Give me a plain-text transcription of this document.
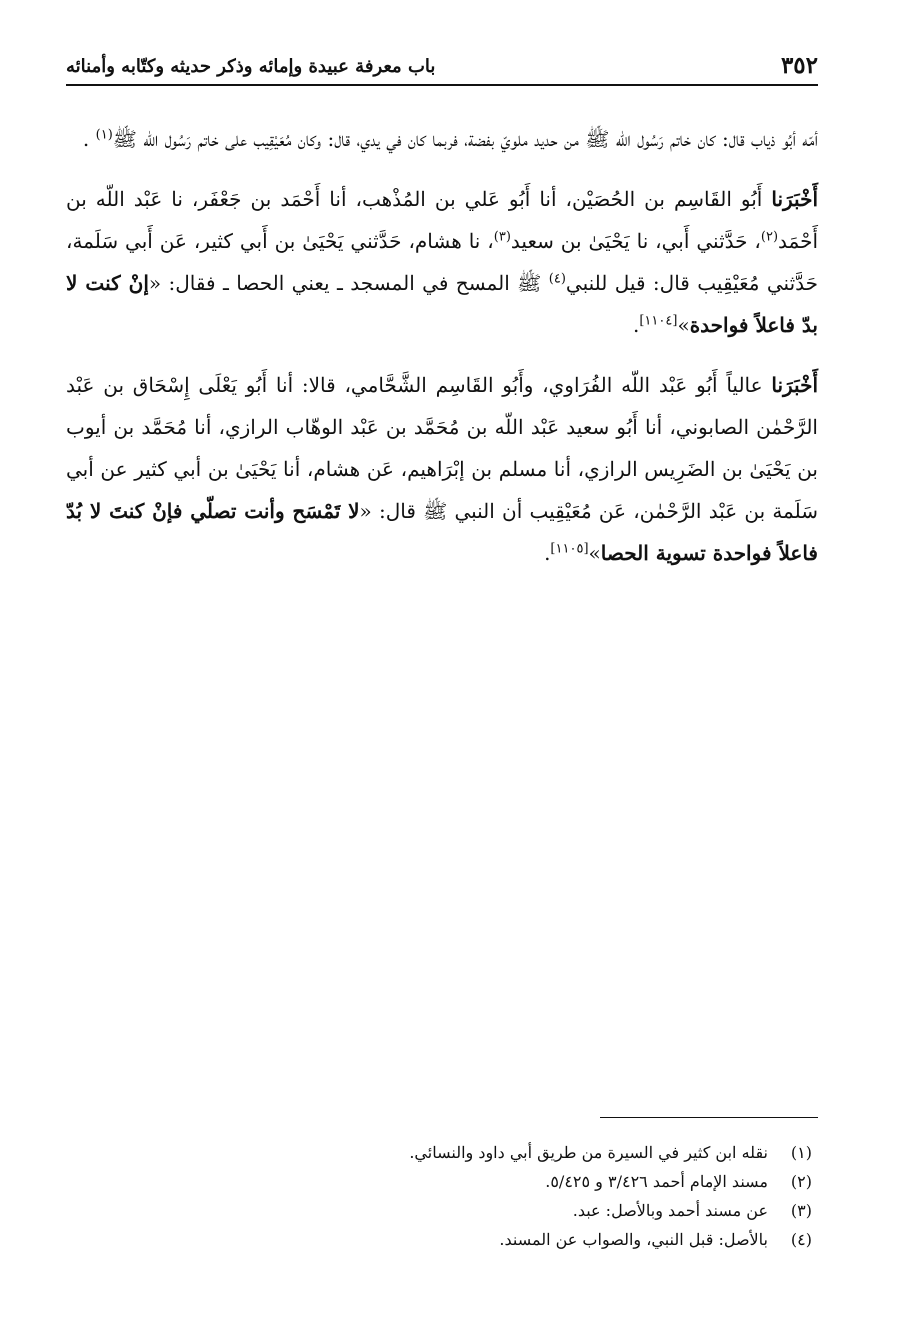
٣٥٢
باب معرفة عبيدة وإمائه وذكر حديثه وكتّابه وأمنائه

أمّه أبُو ذياب قال: كان خاتم رَسُول الله ﷺ من حديد ملويّ بفضة، فربما كان في يدي، قال: وكان مُعَيْقِيب على خاتم رَسُول الله ﷺ$^{(١)}$ .

أَخْبَرَنا أَبُو القَاسِم بن الحُصَيْن، أنا أَبُو عَلي بن المُذْهب، أنا أَحْمَد بن جَعْفَر، نا عَبْد اللّه بن أَحْمَد$^{(٢)}$، حَدَّثني أَبي، نا يَحْيَىٰ بن سعيد$^{(٣)}$، نا هشام، حَدَّثني يَحْيَىٰ بن أَبي كثير، عَن أَبي سَلَمة، حَدَّثني مُعَيْقِيب قال: قيل للنبي$^{(٤)}$ ﷺ المسح في المسجد ـ يعني الحصا ـ فقال: «إنْ كنت لا بدّ فاعلاً فواحدة»[١١٠٤].

أَخْبَرَنا عالياً أَبُو عَبْد اللّه الفُرَاوي، وأَبُو القَاسِم الشَّحَّامي، قالا: أنا أَبُو يَعْلَى إِسْحَاق بن عَبْد الرَّحْمٰن الصابوني، أنا أَبُو سعيد عَبْد اللّه بن مُحَمَّد بن عَبْد الوهّاب الرازي، أنا مُحَمَّد بن أيوب بن يَحْيَىٰ بن الضَرِيس الرازي، أنا مسلم بن إبْرَاهيم، عَن هشام، أنا يَحْيَىٰ بن أبي كثير عن أبي سَلَمة بن عَبْد الرَّحْمٰن، عَن مُعَيْقِيب أن النبي ﷺ قال: «لا تَمْسَح وأنت تصلّي فإنْ كنتَ لا بُدّ فاعلاً فواحدة تسوية الحصا»[١١٠٥].

(١)
نقله ابن كثير في السيرة من طريق أبي داود والنسائي.
(٢)
مسند الإمام أحمد ٣/٤٢٦ و ٥/٤٢٥.
(٣)
عن مسند أحمد وبالأصل: عبد.
(٤)
بالأصل: قبل النبي، والصواب عن المسند.
